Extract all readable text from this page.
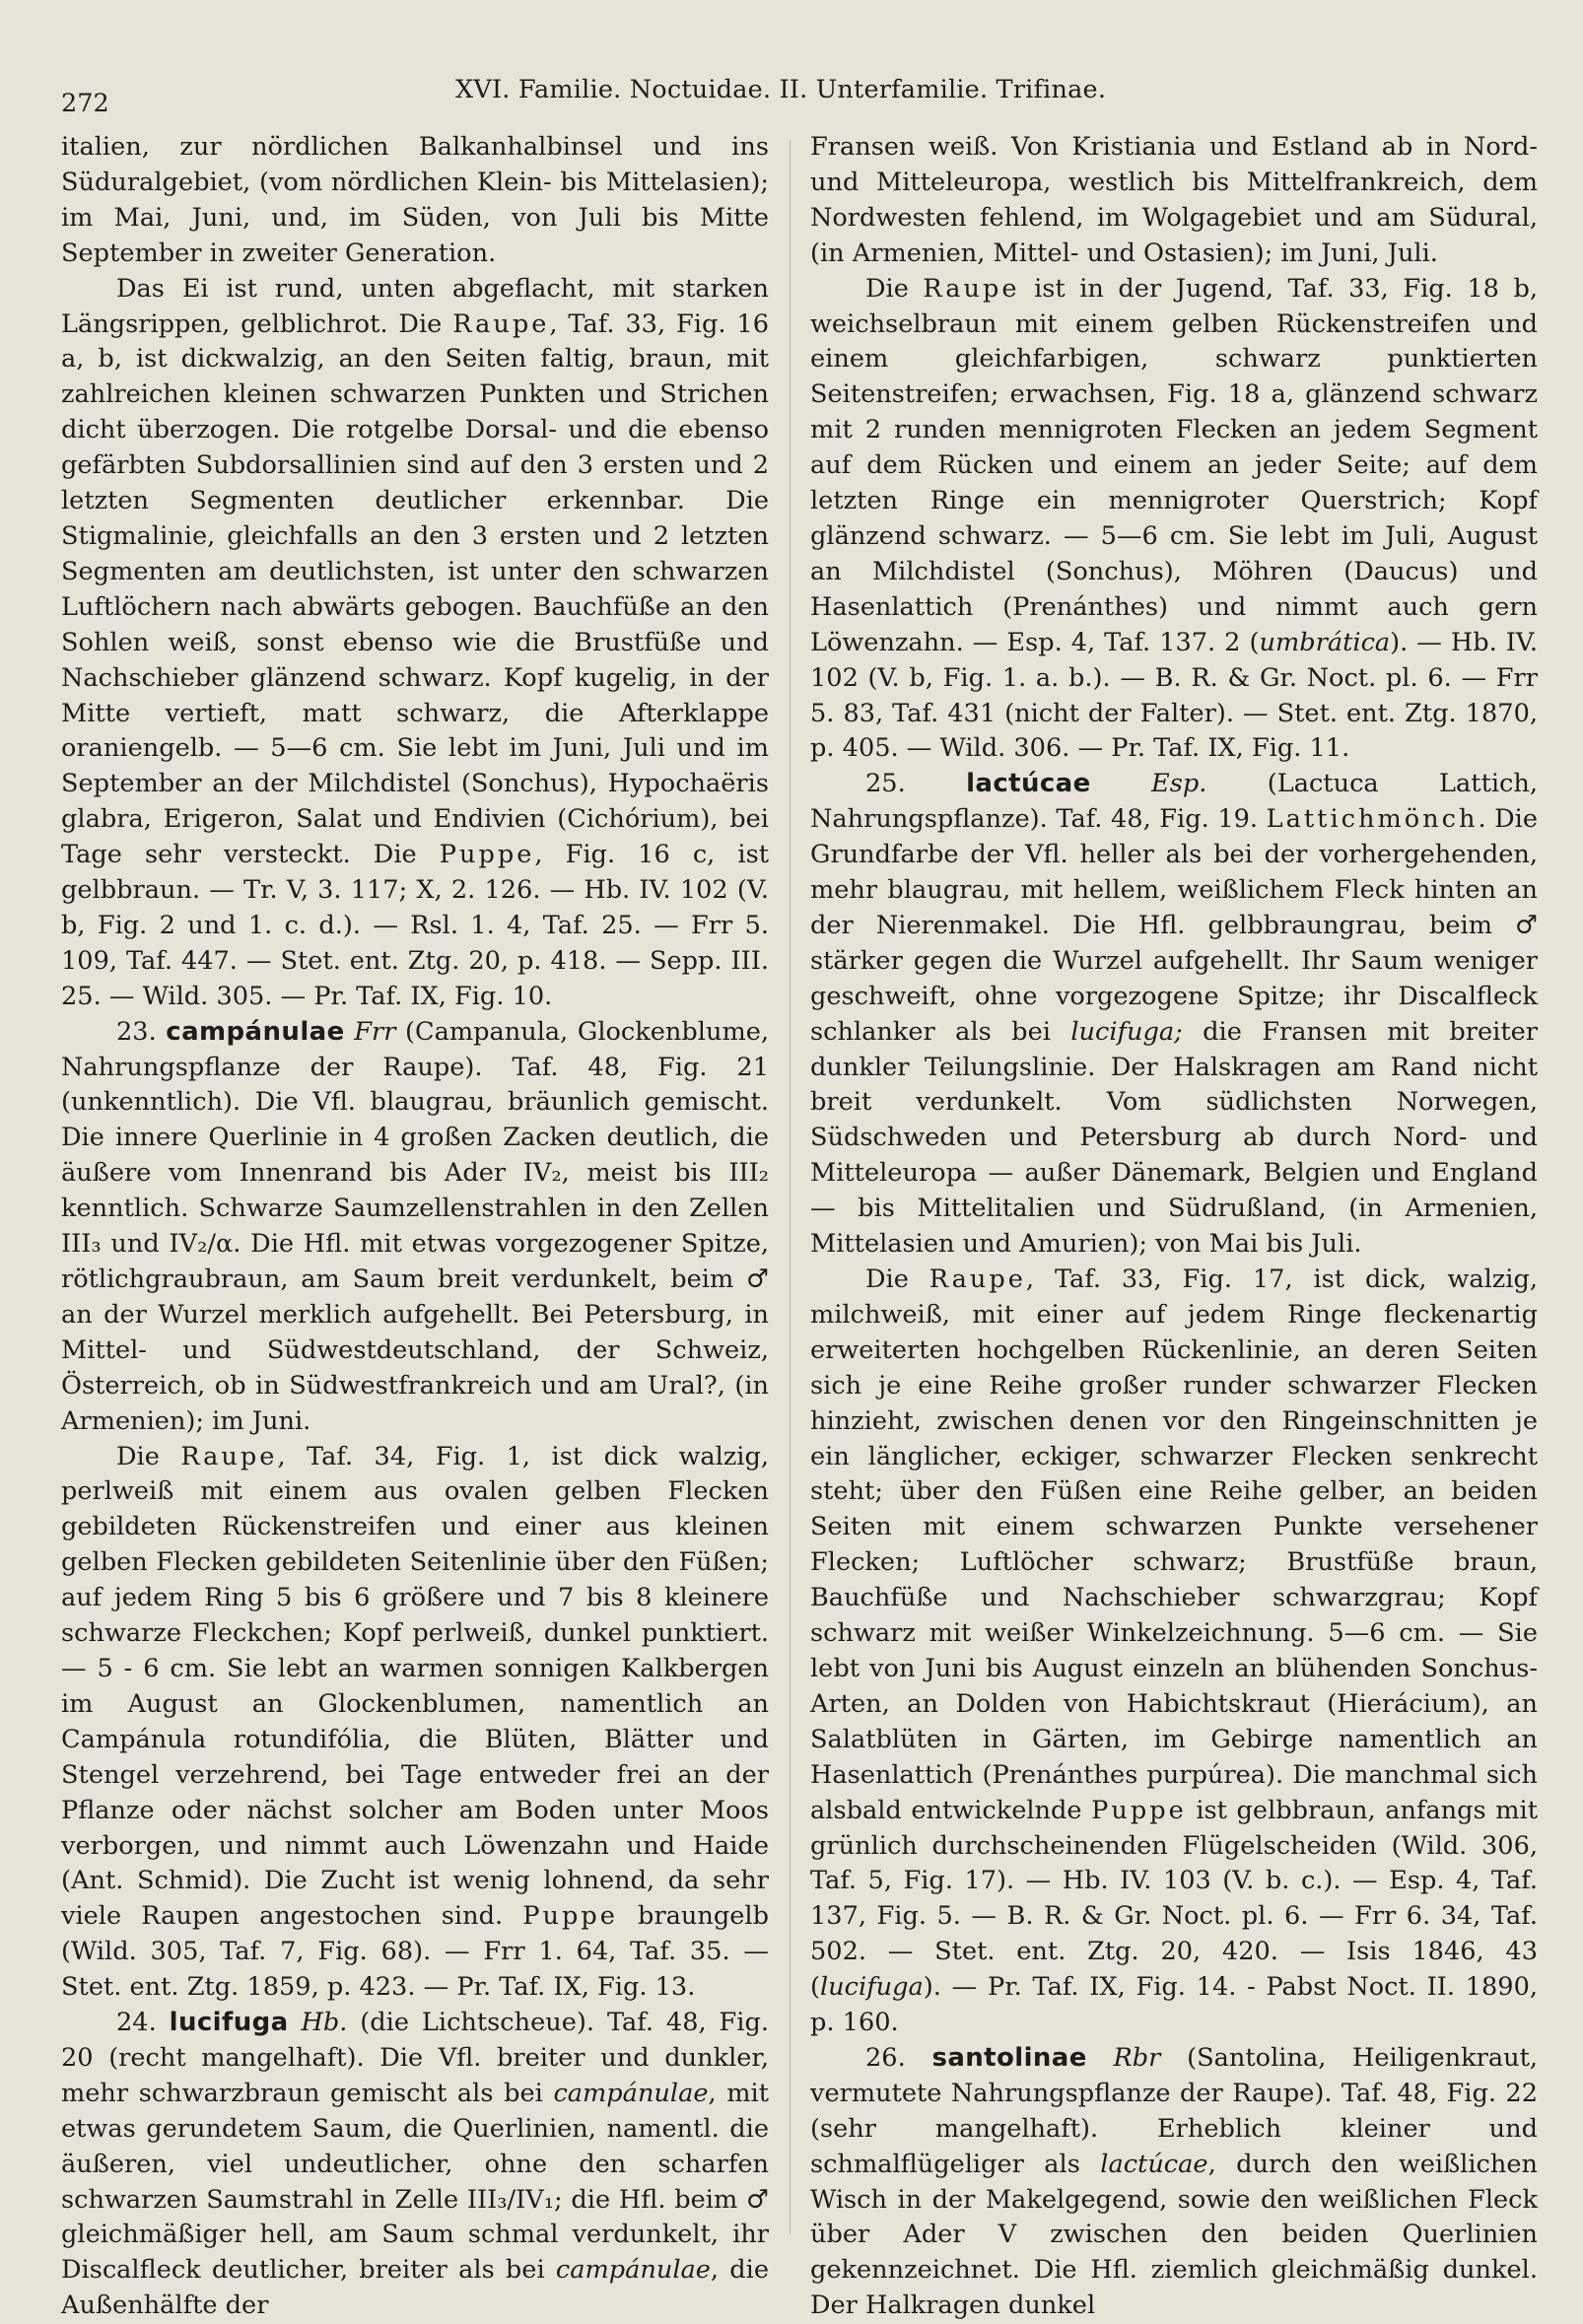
272	XVI. Familie. Noctuidae. II. Unterfamilie. Trifinae.

italien, zur nördlichen Balkanhalbinsel und ins Süduralgebiet, (vom nördlichen Klein- bis Mittelasien); im Mai, Juni, und, im Süden, von Juli bis Mitte September in zweiter Generation.

Das Ei ist rund, unten abgeflacht, mit starken Längsrippen, gelblichrot. Die Raupe, Taf. 33, Fig. 16 a, b, ist dickwalzig, an den Seiten faltig, braun, mit zahlreichen kleinen schwarzen Punkten und Strichen dicht überzogen. Die rotgelbe Dorsal- und die ebenso gefärbten Subdorsallinien sind auf den 3 ersten und 2 letzten Segmenten deutlicher erkennbar. Die Stigmalinie, gleichfalls an den 3 ersten und 2 letzten Segmenten am deutlichsten, ist unter den schwarzen Luftlöchern nach abwärts gebogen. Bauchfüße an den Sohlen weiß, sonst ebenso wie die Brustfüße und Nachschieber glänzend schwarz. Kopf kugelig, in der Mitte vertieft, matt schwarz, die Afterklappe oraniengelb. — 5—6 cm. Sie lebt im Juni, Juli und im September an der Milchdistel (Sonchus), Hypochaëris glabra, Erigeron, Salat und Endivien (Cichórium), bei Tage sehr versteckt. Die Puppe, Fig. 16 c, ist gelbbraun. — Tr. V, 3. 117; X, 2. 126. — Hb. IV. 102 (V. b, Fig. 2 und 1. c. d.). — Rsl. 1. 4, Taf. 25. — Frr 5. 109, Taf. 447. — Stet. ent. Ztg. 20, p. 418. — Sepp. III. 25. — Wild. 305. — Pr. Taf. IX, Fig. 10.

23. campánulae Frr (Campanula, Glockenblume, Nahrungspflanze der Raupe). Taf. 48, Fig. 21 (unkenntlich). Die Vfl. blaugrau, bräunlich gemischt. Die innere Querlinie in 4 großen Zacken deutlich, die äußere vom Innenrand bis Ader IV₂, meist bis III₂ kenntlich. Schwarze Saumzellenstrahlen in den Zellen III₃ und IV₂/α. Die Hfl. mit etwas vorgezogener Spitze, rötlichgraubraun, am Saum breit verdunkelt, beim ♂ an der Wurzel merklich aufgehellt. Bei Petersburg, in Mittel- und Südwestdeutschland, der Schweiz, Österreich, ob in Südwestfrankreich und am Ural?, (in Armenien); im Juni.

Die Raupe, Taf. 34, Fig. 1, ist dick walzig, perlweiß mit einem aus ovalen gelben Flecken gebildeten Rückenstreifen und einer aus kleinen gelben Flecken gebildeten Seitenlinie über den Füßen; auf jedem Ring 5 bis 6 größere und 7 bis 8 kleinere schwarze Fleckchen; Kopf perlweiß, dunkel punktiert. — 5 - 6 cm. Sie lebt an warmen sonnigen Kalkbergen im August an Glockenblumen, namentlich an Campánula rotundifólia, die Blüten, Blätter und Stengel verzehrend, bei Tage entweder frei an der Pflanze oder nächst solcher am Boden unter Moos verborgen, und nimmt auch Löwenzahn und Haide (Ant. Schmid). Die Zucht ist wenig lohnend, da sehr viele Raupen angestochen sind. Puppe braungelb (Wild. 305, Taf. 7, Fig. 68). — Frr 1. 64, Taf. 35. — Stet. ent. Ztg. 1859, p. 423. — Pr. Taf. IX, Fig. 13.

24. lucifuga Hb. (die Lichtscheue). Taf. 48, Fig. 20 (recht mangelhaft). Die Vfl. breiter und dunkler, mehr schwarzbraun gemischt als bei campánulae, mit etwas gerundetem Saum, die Querlinien, namentl. die äußeren, viel undeutlicher, ohne den scharfen schwarzen Saumstrahl in Zelle III₃/IV₁; die Hfl. beim ♂ gleichmäßiger hell, am Saum schmal verdunkelt, ihr Discalfleck deutlicher, breiter als bei campánulae, die Außenhälfte der

Fransen weiß. Von Kristiania und Estland ab in Nord- und Mitteleuropa, westlich bis Mittelfrankreich, dem Nordwesten fehlend, im Wolgagebiet und am Südural, (in Armenien, Mittel- und Ostasien); im Juni, Juli.

Die Raupe ist in der Jugend, Taf. 33, Fig. 18 b, weichselbraun mit einem gelben Rückenstreifen und einem gleichfarbigen, schwarz punktierten Seitenstreifen; erwachsen, Fig. 18 a, glänzend schwarz mit 2 runden mennigroten Flecken an jedem Segment auf dem Rücken und einem an jeder Seite; auf dem letzten Ringe ein mennigroter Querstrich; Kopf glänzend schwarz. — 5—6 cm. Sie lebt im Juli, August an Milchdistel (Sonchus), Möhren (Daucus) und Hasenlattich (Prenánthes) und nimmt auch gern Löwenzahn. — Esp. 4, Taf. 137. 2 (umbrática). — Hb. IV. 102 (V. b, Fig. 1. a. b.). — B. R. & Gr. Noct. pl. 6. — Frr 5. 83, Taf. 431 (nicht der Falter). — Stet. ent. Ztg. 1870, p. 405. — Wild. 306. — Pr. Taf. IX, Fig. 11.

25. lactúcae Esp. (Lactuca Lattich, Nahrungspflanze). Taf. 48, Fig. 19. Lattichmönch. Die Grundfarbe der Vfl. heller als bei der vorhergehenden, mehr blaugrau, mit hellem, weißlichem Fleck hinten an der Nierenmakel. Die Hfl. gelbbraungrau, beim ♂ stärker gegen die Wurzel aufgehellt. Ihr Saum weniger geschweift, ohne vorgezogene Spitze; ihr Discalfleck schlanker als bei lucifuga; die Fransen mit breiter dunkler Teilungslinie. Der Halskragen am Rand nicht breit verdunkelt. Vom südlichsten Norwegen, Südschweden und Petersburg ab durch Nord- und Mitteleuropa — außer Dänemark, Belgien und England — bis Mittelitalien und Südrußland, (in Armenien, Mittelasien und Amurien); von Mai bis Juli.

Die Raupe, Taf. 33, Fig. 17, ist dick, walzig, milchweiß, mit einer auf jedem Ringe fleckenartig erweiterten hochgelben Rückenlinie, an deren Seiten sich je eine Reihe großer runder schwarzer Flecken hinzieht, zwischen denen vor den Ringeinschnitten je ein länglicher, eckiger, schwarzer Flecken senkrecht steht; über den Füßen eine Reihe gelber, an beiden Seiten mit einem schwarzen Punkte versehener Flecken; Luftlöcher schwarz; Brustfüße braun, Bauchfüße und Nachschieber schwarzgrau; Kopf schwarz mit weißer Winkelzeichnung. 5—6 cm. — Sie lebt von Juni bis August einzeln an blühenden Sonchus-Arten, an Dolden von Habichtskraut (Hierácium), an Salatblüten in Gärten, im Gebirge namentlich an Hasenlattich (Prenánthes purpúrea). Die manchmal sich alsbald entwickelnde Puppe ist gelbbraun, anfangs mit grünlich durchscheinenden Flügelscheiden (Wild. 306, Taf. 5, Fig. 17). — Hb. IV. 103 (V. b. c.). — Esp. 4, Taf. 137, Fig. 5. — B. R. & Gr. Noct. pl. 6. — Frr 6. 34, Taf. 502. — Stet. ent. Ztg. 20, 420. — Isis 1846, 43 (lucifuga). — Pr. Taf. IX, Fig. 14. - Pabst Noct. II. 1890, p. 160.

26. santolinae Rbr (Santolina, Heiligenkraut, vermutete Nahrungspflanze der Raupe). Taf. 48, Fig. 22 (sehr mangelhaft). Erheblich kleiner und schmalflügeliger als lactúcae, durch den weißlichen Wisch in der Makelgegend, sowie den weißlichen Fleck über Ader V zwischen den beiden Querlinien gekennzeichnet. Die Hfl. ziemlich gleichmäßig dunkel. Der Halkragen dunkel
